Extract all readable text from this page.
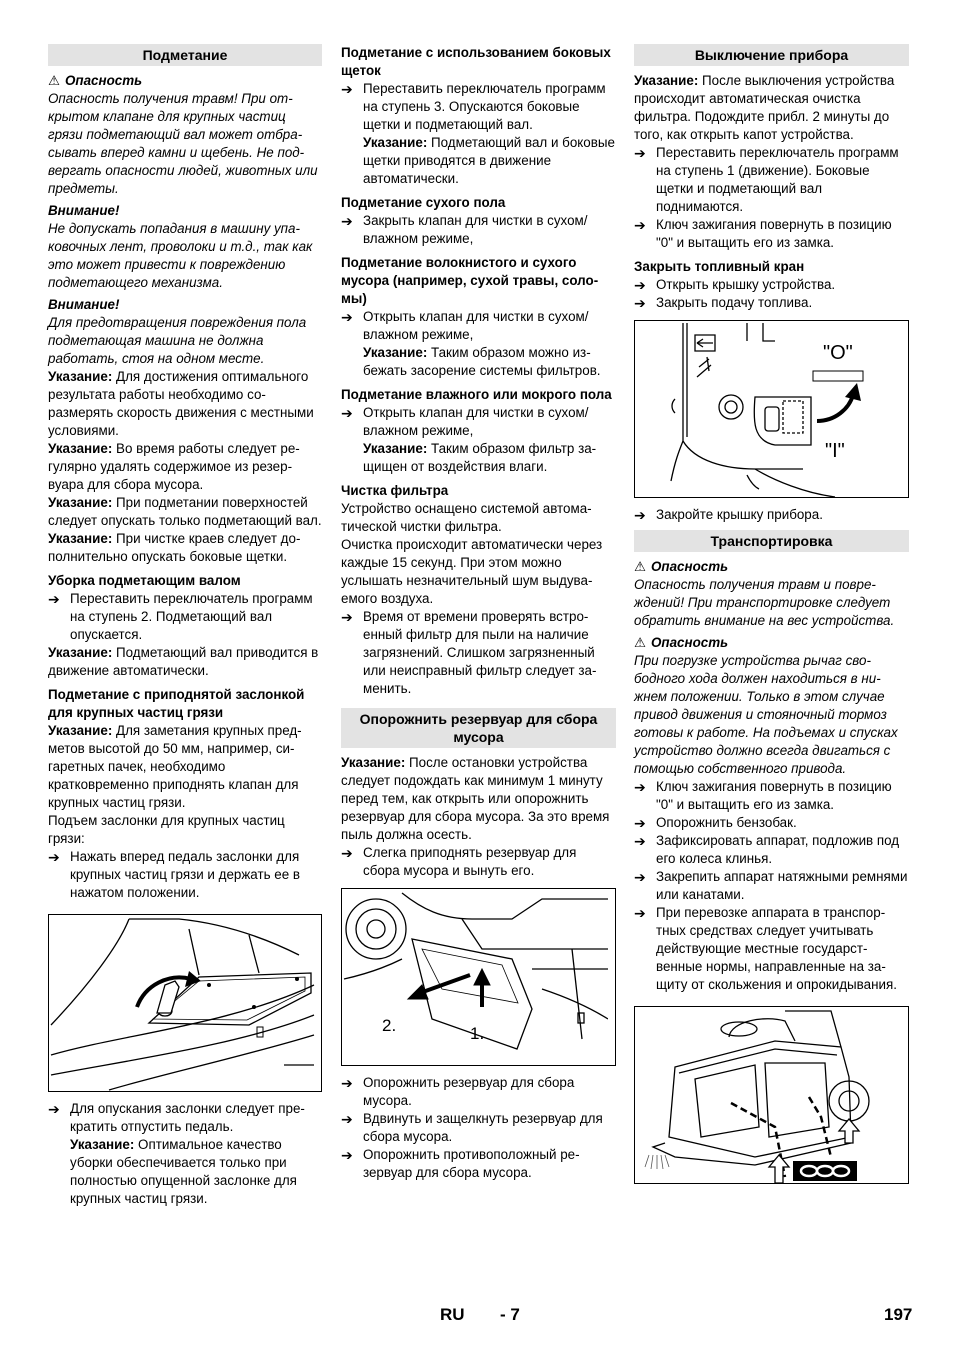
Подметание
⚠ Опасность

Опасность получения травм! При открытом клапане для крупных частиц грязи подметающий вал может отбрасывать вперед камни и щебень. Не подвергать опасности людей, животных или предметы.

Внимание!

Не допускать попадания в машину упаковочных лент, проволоки и т.д., так как это может привести к повреждению подметающего механизма.

Внимание!

Для предотвращения повреждения пола подметающая машина не должна работать, стоя на одном месте.

Указание: Для достижения оптимального результата работы необходимо соразмерять скорость движения с местными условиями.

Указание: Во время работы следует регулярно удалять содержимое из резервуара для сбора мусора.

Указание: При подметании поверхностей следует опускать только подметающий вал.

Указание: При чистке краев следует дополнительно опускать боковые щетки.

Уборка подметающим валом
➔ Переставить переключатель программ на ступень 2. Подметающий вал опускается.

Указание: Подметающий вал приводится в движение автоматически.

Подметание с приподнятой заслонкой для крупных частиц грязи

Указание: Для заметания крупных предметов высотой до 50 мм, например, сигаретных пачек, необходимо кратковременно приподнять клапан для крупных частиц грязи.

Подъем заслонки для крупных частиц грязи:

➔ Нажать вперед педаль заслонки для крупных частиц грязи и держать ее в нажатом положении.
➔ Для опускания заслонки следует прекратить отпустить педаль.

Указание: Оптимальное качество уборки обеспечивается только при полностью опущенной заслонке для крупных частиц грязи.

Подметание с использованием боковых щеток
➔ Переставить переключатель программ на ступень 3. Опускаются боковые щетки и подметающий вал.

Указание: Подметающий вал и боковые щетки приводятся в движение автоматически.

Подметание сухого пола
➔ Закрыть клапан для чистки в сухом/влажном режиме,
Подметание волокнистого и сухого мусора (например, сухой травы, соломы)
➔ Открыть клапан для чистки в сухом/влажном режиме,

Указание: Таким образом можно избежать засорение системы фильтров.

Подметание влажного или мокрого пола
➔ Открыть клапан для чистки в сухом/влажном режиме,

Указание: Таким образом фильтр защищен от воздействия влаги.

Чистка фильтра

Устройство оснащено системой автоматической чистки фильтра.

Очистка происходит автоматически через каждые 15 секунд. При этом можно услышать незначительный шум выдуваемого воздуха.

➔ Время от времени проверять встроенный фильтр для пыли на наличие загрязнений. Слишком загрязненный или неисправный фильтр следует заменить.
Опорожнить резервуар для сбора мусора

Указание: После остановки устройства следует подождать как минимум 1 минуту перед тем, как открыть или опорожнить резервуар для сбора мусора. За это время пыль должна осесть.

➔ Слегка приподнять резервуар для сбора мусора и вынуть его.
2.	1.
➔ Опорожнить резервуар для сбора мусора.
➔ Вдвинуть и защелкнуть резервуар для сбора мусора.
➔ Опорожнить противоположный резервуар для сбора мусора.
Выключение прибора

Указание: После выключения устройства происходит автоматическая очистка фильтра. Подождите прибл. 2 минуты до того, как открыть капот устройства.

➔ Переставить переключатель программ на ступень 1 (движение). Боковые щетки и подметающий вал поднимаются.
➔ Ключ зажигания повернуть в позицию "0" и вытащить его из замка.
Закрыть топливный кран
➔ Открыть крышку устройства.
➔ Закрыть подачу топлива.
"O"
"I"
➔ Закройте крышку прибора.
Транспортировка
⚠ Опасность

Опасность получения травм и повреждений! При транспортировке следует обратить внимание на вес устройства.

⚠ Опасность

При погрузке устройства рычаг свободного хода должен находиться в нижнем положении. Только в этом случае привод движения и стояночный тормоз готовы к работе. На подъемах и спусках устройство должно всегда двигаться с помощью собственного привода.

➔ Ключ зажигания повернуть в позицию "0" и вытащить его из замка.
➔ Опорожнить бензобак.
➔ Зафиксировать аппарат, подложив под его колеса клинья.
➔ Закрепить аппарат натяжными ремнями или канатами.
➔ При перевозке аппарата в транспортных средствах следует учитывать действующие местные государственные нормы, направленные на защиту от скольжения и опрокидывания.
RU - 7	197
